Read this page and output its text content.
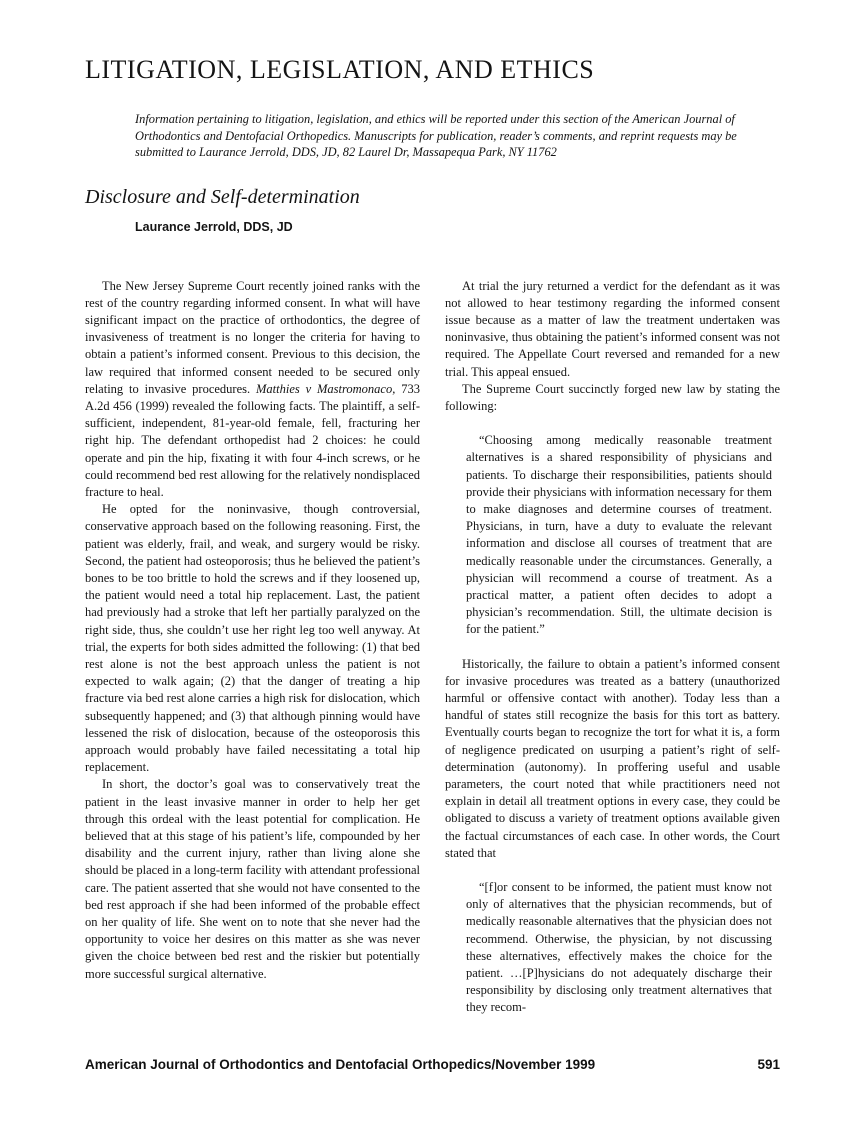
LITIGATION, LEGISLATION, AND ETHICS

Information pertaining to litigation, legislation, and ethics will be reported under this section of the American Journal of Orthodontics and Dentofacial Orthopedics. Manuscripts for publication, reader’s comments, and reprint requests may be submitted to Laurance Jerrold, DDS, JD, 82 Laurel Dr, Massapequa Park, NY 11762

Disclosure and Self-determination
Laurance Jerrold, DDS, JD

The New Jersey Supreme Court recently joined ranks with the rest of the country regarding informed consent. In what will have significant impact on the practice of orthodontics, the degree of invasiveness of treatment is no longer the criteria for having to obtain a patient’s informed consent. Previous to this decision, the law required that informed consent needed to be secured only relating to invasive procedures. Matthies v Mastromonaco, 733 A.2d 456 (1999) revealed the following facts. The plaintiff, a self-sufficient, independent, 81-year-old female, fell, fracturing her right hip. The defendant orthopedist had 2 choices: he could operate and pin the hip, fixating it with four 4-inch screws, or he could recommend bed rest allowing for the relatively nondisplaced fracture to heal.

He opted for the noninvasive, though controversial, conservative approach based on the following reasoning. First, the patient was elderly, frail, and weak, and surgery would be risky. Second, the patient had osteoporosis; thus he believed the patient’s bones to be too brittle to hold the screws and if they loosened up, the patient would need a total hip replacement. Last, the patient had previously had a stroke that left her partially paralyzed on the right side, thus, she couldn’t use her right leg too well anyway. At trial, the experts for both sides admitted the following: (1) that bed rest alone is not the best approach unless the patient is not expected to walk again; (2) that the danger of treating a hip fracture via bed rest alone carries a high risk for dislocation, which subsequently happened; and (3) that although pinning would have lessened the risk of dislocation, because of the osteoporosis this approach would probably have failed necessitating a total hip replacement.

In short, the doctor’s goal was to conservatively treat the patient in the least invasive manner in order to help her get through this ordeal with the least potential for complication. He believed that at this stage of his patient’s life, compounded by her disability and the current injury, rather than living alone she should be placed in a long-term facility with attendant professional care. The patient asserted that she would not have consented to the bed rest approach if she had been informed of the probable effect on her quality of life. She went on to note that she never had the opportunity to voice her desires on this matter as she was never given the choice between bed rest and the riskier but potentially more successful surgical alternative.

At trial the jury returned a verdict for the defendant as it was not allowed to hear testimony regarding the informed consent issue because as a matter of law the treatment undertaken was noninvasive, thus obtaining the patient’s informed consent was not required. The Appellate Court reversed and remanded for a new trial. This appeal ensued.

The Supreme Court succinctly forged new law by stating the following:

“Choosing among medically reasonable treatment alternatives is a shared responsibility of physicians and patients. To discharge their responsibilities, patients should provide their physicians with information necessary for them to make diagnoses and determine courses of treatment. Physicians, in turn, have a duty to evaluate the relevant information and disclose all courses of treatment that are medically reasonable under the circumstances. Generally, a physician will recommend a course of treatment. As a practical matter, a patient often decides to adopt a physician’s recommendation. Still, the ultimate decision is for the patient.”

Historically, the failure to obtain a patient’s informed consent for invasive procedures was treated as a battery (unauthorized harmful or offensive contact with another). Today less than a handful of states still recognize the basis for this tort as battery. Eventually courts began to recognize the tort for what it is, a form of negligence predicated on usurping a patient’s right of self-determination (autonomy). In proffering useful and usable parameters, the court noted that while practitioners need not explain in detail all treatment options in every case, they could be obligated to discuss a variety of treatment options available given the factual circumstances of each case. In other words, the Court stated that

“[f]or consent to be informed, the patient must know not only of alternatives that the physician recommends, but of medically reasonable alternatives that the physician does not recommend. Otherwise, the physician, by not discussing these alternatives, effectively makes the choice for the patient. …[P]hysicians do not adequately discharge their responsibility by disclosing only treatment alternatives that they recom-

American Journal of Orthodontics and Dentofacial Orthopedics/November 1999	591
